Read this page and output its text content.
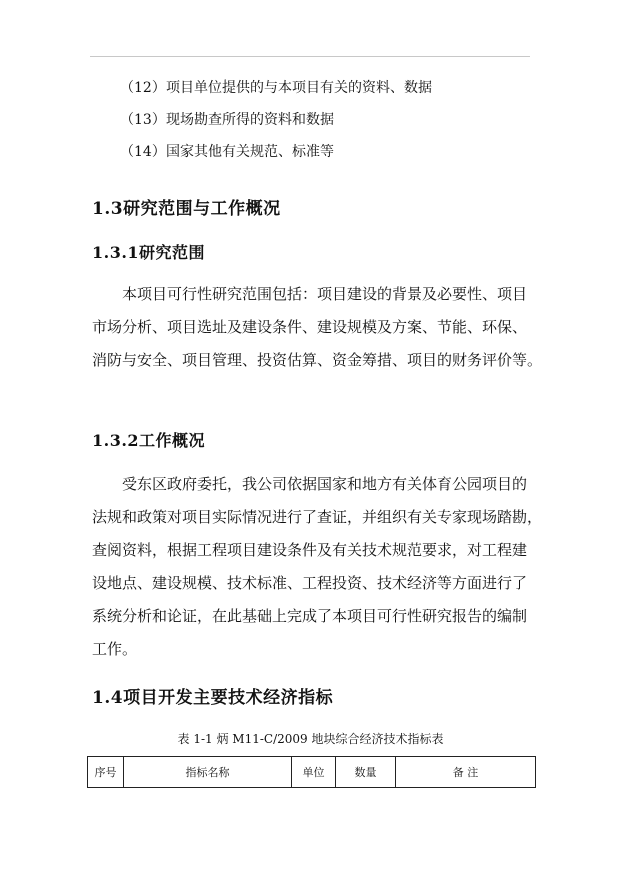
（12）项目单位提供的与本项目有关的资料、数据
（13）现场勘查所得的资料和数据
（14）国家其他有关规范、标准等
1.3研究范围与工作概况
1.3.1研究范围
本项目可行性研究范围包括：项目建设的背景及必要性、项目
市场分析、项目选址及建设条件、建设规模及方案、节能、环保、
消防与安全、项目管理、投资估算、资金筹措、项目的财务评价等。
1.3.2工作概况
受东区政府委托，我公司依据国家和地方有关体育公园项目的
法规和政策对项目实际情况进行了查证，并组织有关专家现场踏勘，
查阅资料，根据工程项目建设条件及有关技术规范要求，对工程建
设地点、建设规模、技术标准、工程投资、技术经济等方面进行了
系统分析和论证，在此基础上完成了本项目可行性研究报告的编制
工作。
1.4项目开发主要技术经济指标
表 1-1 炳 M11-C/2009 地块综合经济技术指标表
序号	指标名称	单位	数量	备 注
